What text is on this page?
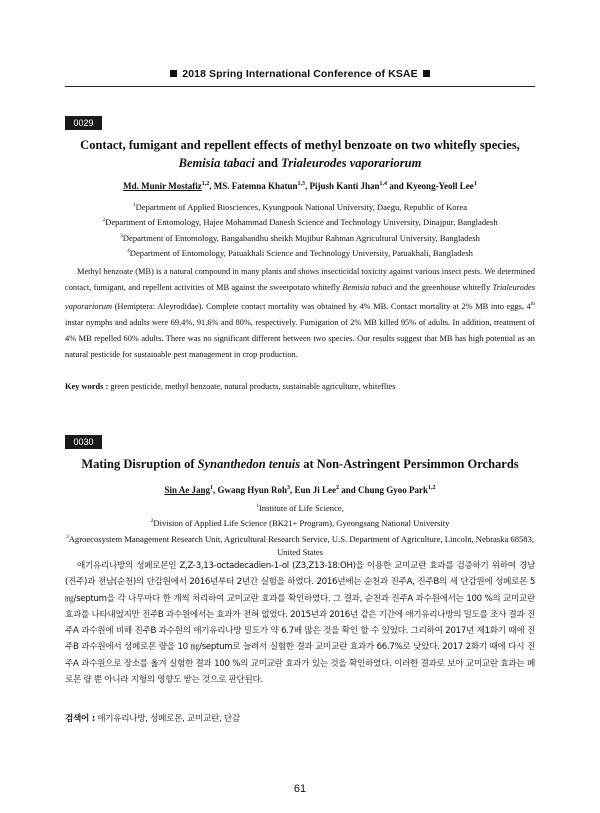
2018 Spring International Conference of KSAE
0029
Contact, fumigant and repellent effects of methyl benzoate on two whitefly species,
Bemisia tabaci and Trialeurodes vaporariorum
Md. Munir Mostafiz$^{1,2}$, MS. Fatemna Khatun$^{1,3}$, Pijush Kanti Jhan$^{1,4}$ and Kyeong-Yeoll Lee$^1$
$^1$Department of Applied Biosciences, Kyungpook National University, Daegu, Republic of Korea
$^2$Department of Entomology, Hajee Mohammad Danesh Science and Technology University, Dinajpur, Bangladesh
$^3$Department of Entomology, Bangabandhu sheikh Mujibur Rahman Agricultural University, Bangladesh
$^4$Department of Entomology, Patuakhali Science and Technology University, Patuakhali, Bangladesh

Methyl benzoate (MB) is a natural compound in many plants and shows insecticidal toxicity against various insect pests. We determined contact, fumigant, and repellent activities of MB against the sweetpotato whitefly Bemisia tabaci and the greenhouse whitefly Trialeurodes vaporariorum (Hemiptera: Aleyrodidae). Complete contact mortality was obtained by 4% MB. Contact mortality at 2% MB into eggs, 4th instar nymphs and adults were 69.4%, 91.6% and 80%, respectively. Fumigation of 2% MB killed 95% of adults. In addition, treatment of 4% MB repelled 60% adults. There was no significant different between two species. Our results suggest that MB has high potential as an natural pesticide for sustainable pest management in crop production.

Key words : green pesticide, methyl benzoate, natural products, sustainable agriculture, whiteflies
0030
Mating Disruption of Synanthedon tenuis at Non-Astringent Persimmon Orchards
Sin Ae Jang$^1$, Gwang Hyun Roh$^3$, Eun Ji Lee$^2$ and Chung Gyoo Park$^{1,2}$
$^1$Institute of Life Science,
$^2$Division of Applied Life Science (BK21+ Program), Gyeongsang National University
$^3$Agroecosystem Management Research Unit, Agricultural Research Service, U.S. Department of Agriculture, Lincoln, Nebraska 68583, United States

애기유리나방의 성페로몬인 Z,Z-3,13-octadecadien-1-ol (Z3,Z13-18:OH)을 이용한 교미교란 효과를 검증하기 위하여 경남(진주)과 전남(순천)의 단감원에서 2016년부터 2년간 실험을 하였다. 2016년에는 순천과 진주A, 진주B의 세 단감원에 성페로몬 5 ㎎/septum을 각 나무마다 한 개씩 처리하여 교미교란 효과를 확인하였다. 그 결과, 순천과 진주A 과수원에서는 100 %의 교미교란 효과를 나타내었지만 진주B 과수원에서는 효과가 전혀 없었다. 2015년과 2016년 같은 기간에 애기유리나방의 밀도를 조사 결과 진주A 과수원에 비해 진주B 과수원의 애기유리나방 밀도가 약 6.7배 많은 것을 확인 할 수 있었다. 그리하여 2017년 제1화기 때에 진주B 과수원에서 성페로몬 량을 10 ㎎/septum로 늘려서 실험한 결과 교미교란 효과가 66.7%로 낮았다. 2017 2화기 때에 다시 진주A 과수원으로 장소를 옮겨 실험한 결과 100 %의 교미교란 효과가 있는 것을 확인하였다. 이러한 결과로 보아 교미교란 효과는 페로몬 량 뿐 아니라 지형의 영향도 받는 것으로 판단된다.

검색어 : 애기유리나방, 성페로몬, 교미교란, 단감
61
